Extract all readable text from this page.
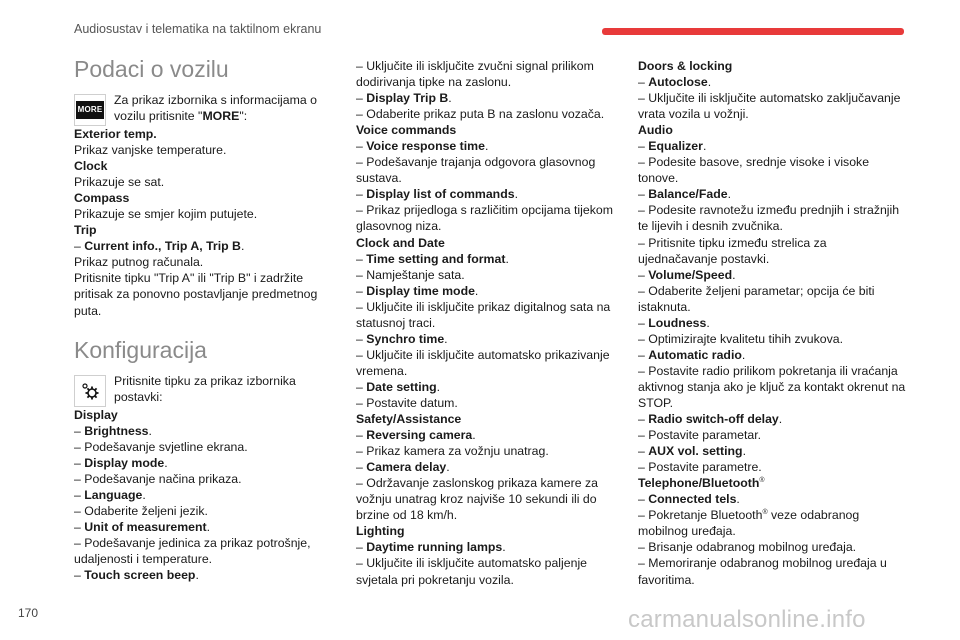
Audiosustav i telematika na taktilnom ekranu
Podaci o vozilu
MORE

Za prikaz izbornika s informacijama o vozilu pritisnite "MORE":

Exterior temp.

Prikaz vanjske temperature.

Clock

Prikazuje se sat.

Compass

Prikazuje se smjer kojim putujete.

Trip

– Current info., Trip A, Trip B.

Prikaz putnog računala.

Pritisnite tipku "Trip A" ili "Trip B" i zadržite pritisak za ponovno postavljanje predmetnog puta.

Konfiguracija

Pritisnite tipku za prikaz izbornika postavki:

Display

– Brightness.

– Podešavanje svjetline ekrana.

– Display mode.

– Podešavanje načina prikaza.

– Language.

– Odaberite željeni jezik.

– Unit of measurement.

– Podešavanje jedinica za prikaz potrošnje, udaljenosti i temperature.

– Touch screen beep.

– Uključite ili isključite zvučni signal prilikom dodirivanja tipke na zaslonu.

– Display Trip B.

– Odaberite prikaz puta B na zaslonu vozača.

Voice commands

– Voice response time.

– Podešavanje trajanja odgovora glasovnog sustava.

– Display list of commands.

– Prikaz prijedloga s različitim opcijama tijekom glasovnog niza.

Clock and Date

– Time setting and format.

– Namještanje sata.

– Display time mode.

– Uključite ili isključite prikaz digitalnog sata na statusnoj traci.

– Synchro time.

– Uključite ili isključite automatsko prikazivanje vremena.

– Date setting.

– Postavite datum.

Safety/Assistance

– Reversing camera.

– Prikaz kamera za vožnju unatrag.

– Camera delay.

– Održavanje zaslonskog prikaza kamere za vožnju unatrag kroz najviše 10 sekundi ili do brzine od 18 km/h.

Lighting

– Daytime running lamps.

– Uključite ili isključite automatsko paljenje svjetala pri pokretanju vozila.

Doors & locking

– Autoclose.

– Uključite ili isključite automatsko zaključavanje vrata vozila u vožnji.

Audio

– Equalizer.

– Podesite basove, srednje visoke i visoke tonove.

– Balance/Fade.

– Podesite ravnotežu između prednjih i stražnjih te lijevih i desnih zvučnika.

– Pritisnite tipku između strelica za ujednačavanje postavki.

– Volume/Speed.

– Odaberite željeni parametar; opcija će biti istaknuta.

– Loudness.

– Optimizirajte kvalitetu tihih zvukova.

– Automatic radio.

– Postavite radio prilikom pokretanja ili vraćanja aktivnog stanja ako je ključ za kontakt okrenut na STOP.

– Radio switch-off delay.

– Postavite parametar.

– AUX vol. setting.

– Postavite parametre.

Telephone/Bluetooth®

– Connected tels.

– Pokretanje Bluetooth® veze odabranog mobilnog uređaja.

– Brisanje odabranog mobilnog uređaja.

– Memoriranje odabranog mobilnog uređaja u favoritima.

170	carmanualsonline.info
